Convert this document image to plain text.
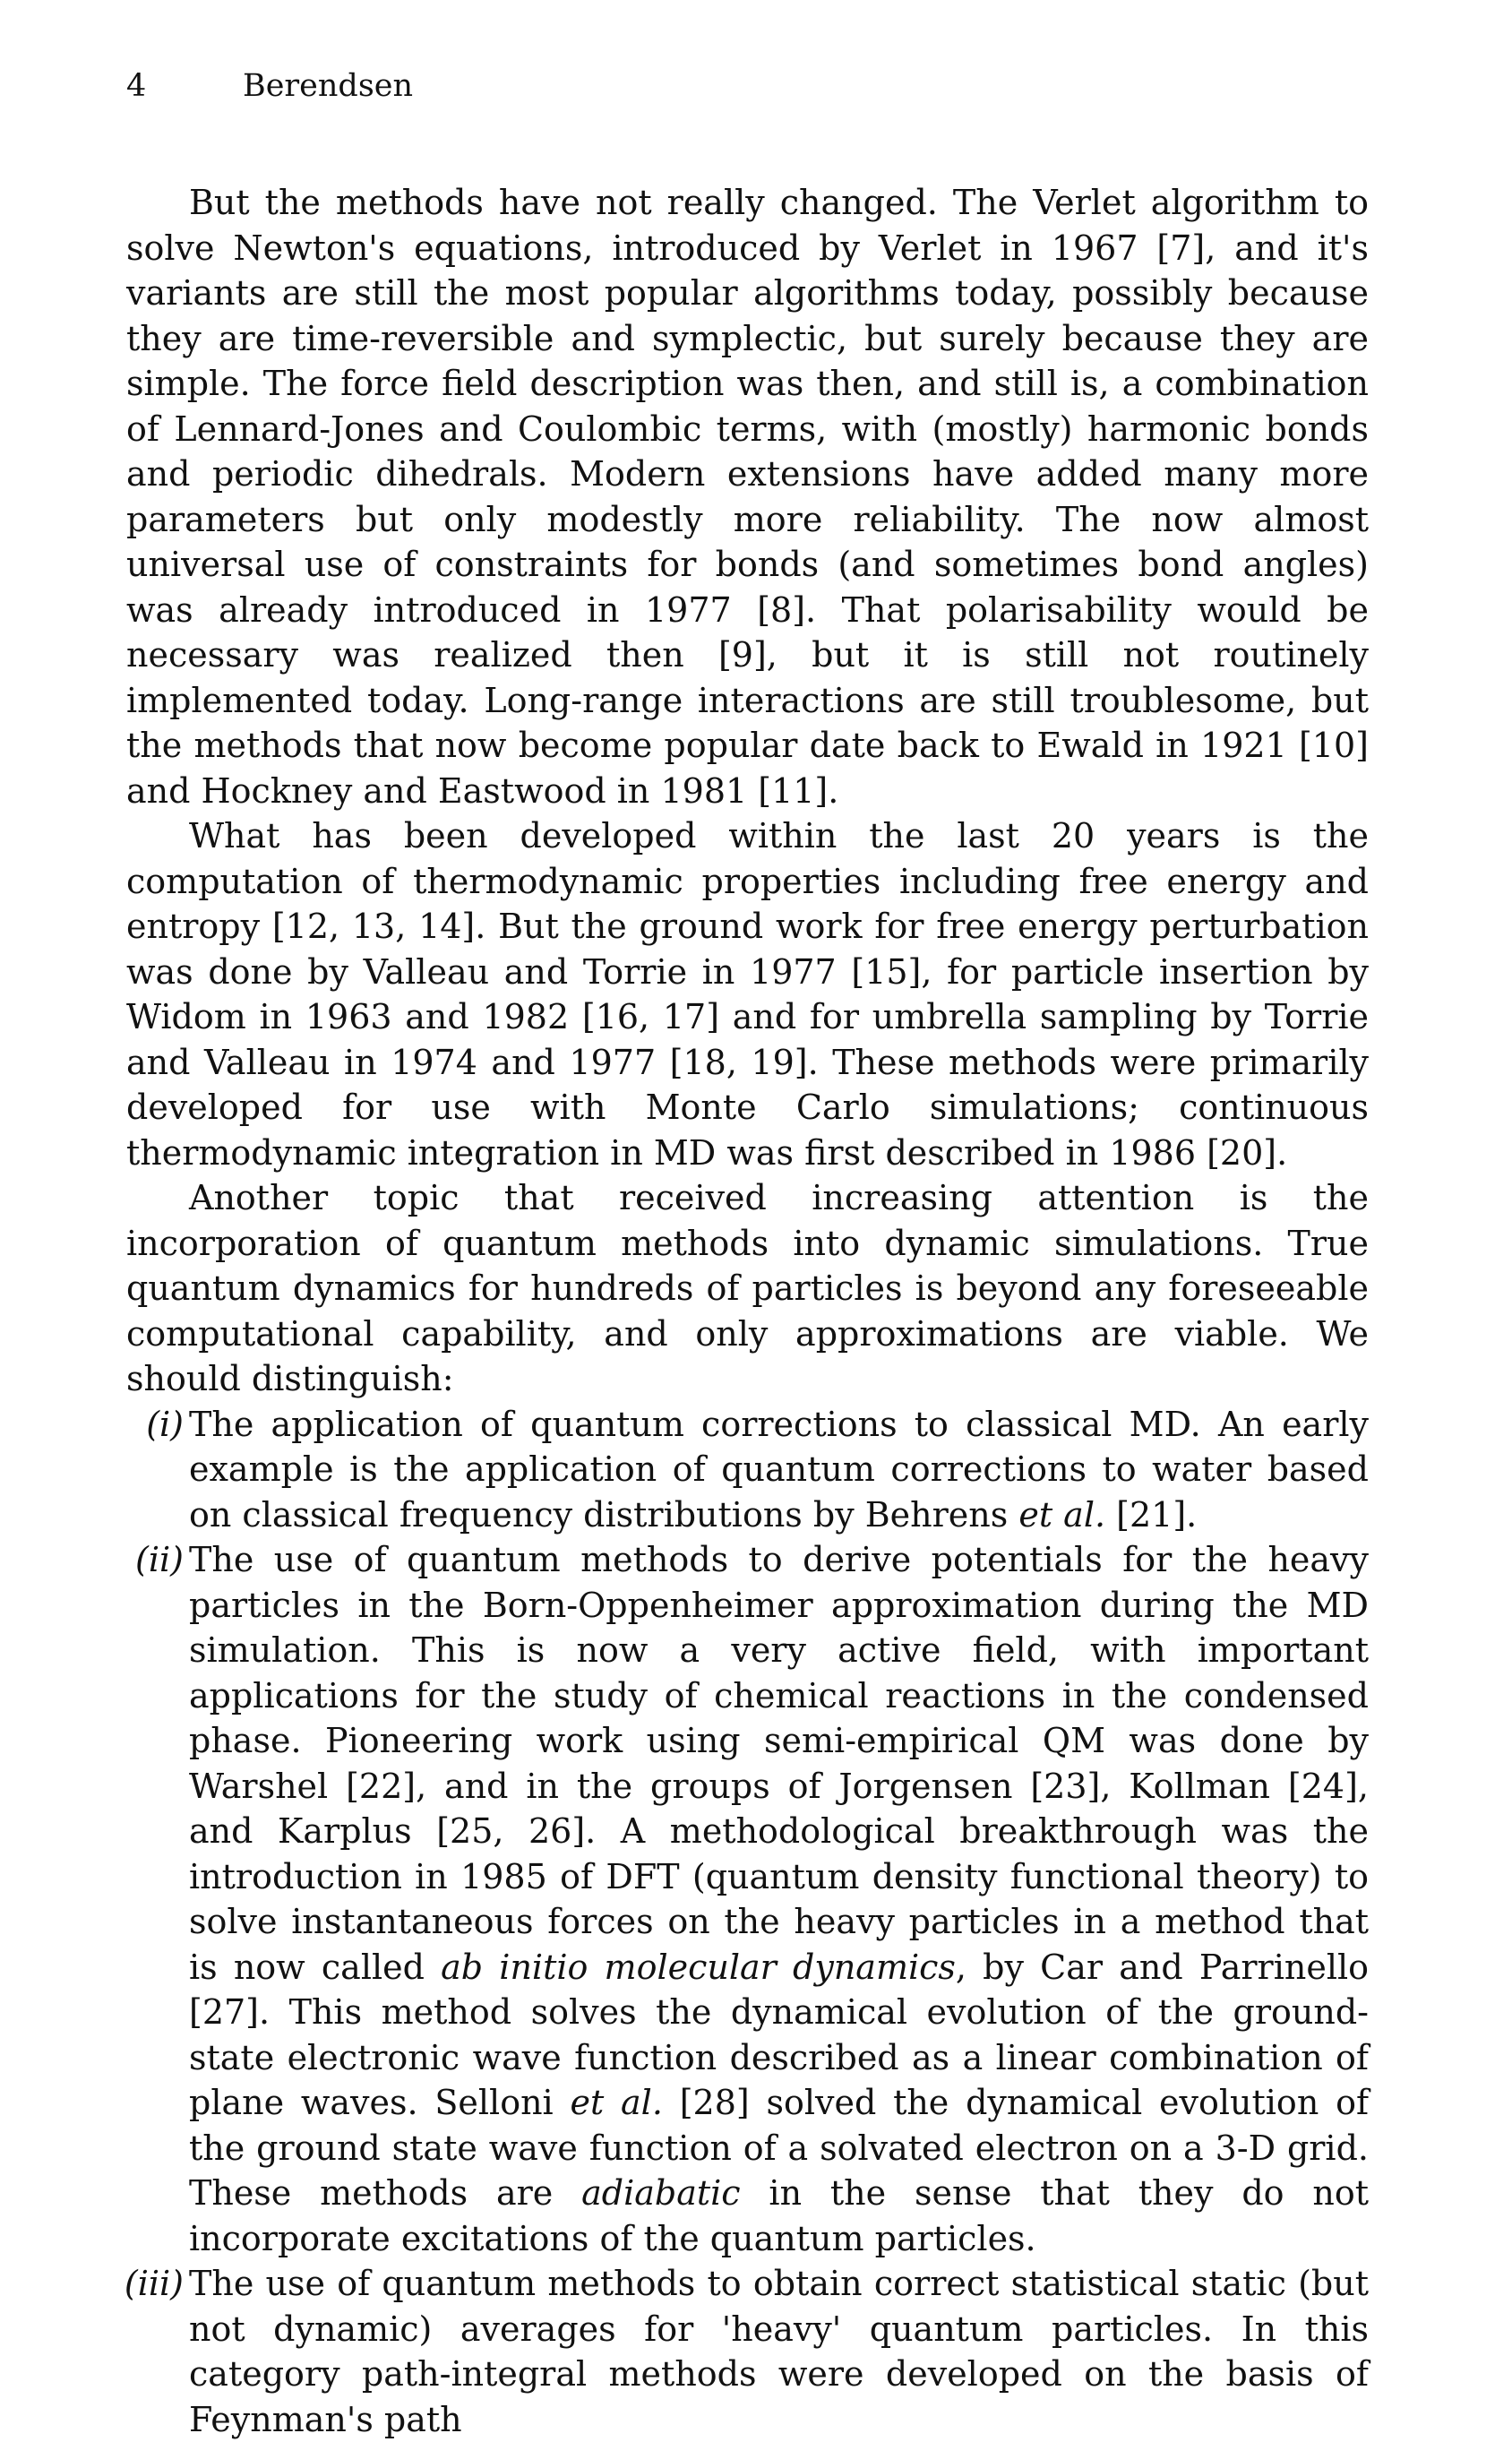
4	Berendsen

But the methods have not really changed. The Verlet algorithm to solve Newton's equations, introduced by Verlet in 1967 [7], and it's variants are still the most popular algorithms today, possibly because they are time-reversible and symplectic, but surely because they are simple. The force field description was then, and still is, a combination of Lennard-Jones and Coulombic terms, with (mostly) harmonic bonds and periodic dihedrals. Modern extensions have added many more parameters but only modestly more reliability. The now almost universal use of constraints for bonds (and sometimes bond angles) was already introduced in 1977 [8]. That polarisability would be necessary was realized then [9], but it is still not routinely implemented today. Long-range interactions are still troublesome, but the methods that now become popular date back to Ewald in 1921 [10] and Hockney and Eastwood in 1981 [11].

What has been developed within the last 20 years is the computation of thermodynamic properties including free energy and entropy [12, 13, 14]. But the ground work for free energy perturbation was done by Valleau and Torrie in 1977 [15], for particle insertion by Widom in 1963 and 1982 [16, 17] and for umbrella sampling by Torrie and Valleau in 1974 and 1977 [18, 19]. These methods were primarily developed for use with Monte Carlo simulations; continuous thermodynamic integration in MD was first described in 1986 [20].

Another topic that received increasing attention is the incorporation of quantum methods into dynamic simulations. True quantum dynamics for hundreds of particles is beyond any foreseeable computational capability, and only approximations are viable. We should distinguish:

(i) The application of quantum corrections to classical MD. An early example is the application of quantum corrections to water based on classical frequency distributions by Behrens et al. [21].
(ii) The use of quantum methods to derive potentials for the heavy particles in the Born-Oppenheimer approximation during the MD simulation. This is now a very active field, with important applications for the study of chemical reactions in the condensed phase. Pioneering work using semi-empirical QM was done by Warshel [22], and in the groups of Jorgensen [23], Kollman [24], and Karplus [25, 26]. A methodological breakthrough was the introduction in 1985 of DFT (quantum density functional theory) to solve instantaneous forces on the heavy particles in a method that is now called ab initio molecular dynamics, by Car and Parrinello [27]. This method solves the dynamical evolution of the ground-state electronic wave function described as a linear combination of plane waves. Selloni et al. [28] solved the dynamical evolution of the ground state wave function of a solvated electron on a 3-D grid. These methods are adiabatic in the sense that they do not incorporate excitations of the quantum particles.
(iii) The use of quantum methods to obtain correct statistical static (but not dynamic) averages for 'heavy' quantum particles. In this category path-integral methods were developed on the basis of Feynman's path
